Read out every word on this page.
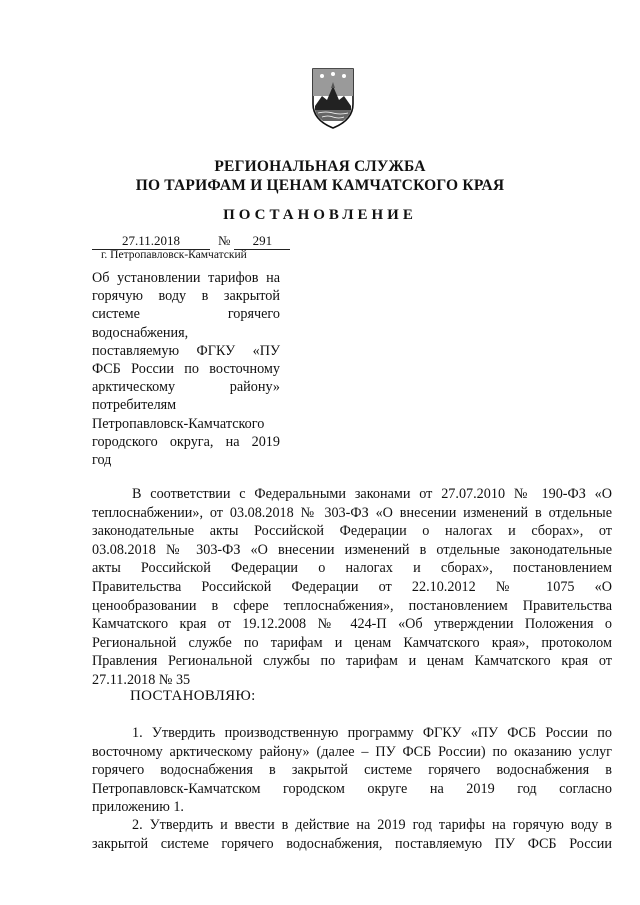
РЕГИОНАЛЬНАЯ СЛУЖБА
ПО ТАРИФАМ И ЦЕНАМ КАМЧАТСКОГО КРАЯ
ПОСТАНОВЛЕНИЕ
27.11.2018	№ 291
г. Петропавловск-Камчатский
Об установлении тарифов на
горячую воду в закрытой
системе горячего
водоснабжения,
поставляемую ФГКУ «ПУ
ФСБ России по восточному
арктическому району»
потребителям
Петропавловск-Камчатского
городского округа, на 2019
год
В соответствии с Федеральными законами от 27.07.2010 № 190-ФЗ «О
теплоснабжении», от 03.08.2018 № 303-ФЗ «О внесении изменений в отдельные
законодательные акты Российской Федерации о налогах и сборах», от
03.08.2018 № 303-ФЗ «О внесении изменений в отдельные законодательные
акты Российской Федерации о налогах и сборах», постановлением
Правительства Российской Федерации от 22.10.2012 № 1075 «О
ценообразовании в сфере теплоснабжения», постановлением Правительства
Камчатского края от 19.12.2008 № 424-П «Об утверждении Положения о
Региональной службе по тарифам и ценам Камчатского края», протоколом
Правления Региональной службы по тарифам и ценам Камчатского края от
27.11.2018 № 35
ПОСТАНОВЛЯЮ:
1. Утвердить производственную программу ФГКУ «ПУ ФСБ России по
восточному арктическому району» (далее – ПУ ФСБ России) по оказанию услуг
горячего водоснабжения в закрытой системе горячего водоснабжения в
Петропавловск-Камчатском городском округе на 2019 год согласно
приложению 1.
2. Утвердить и ввести в действие на 2019 год тарифы на горячую воду в
закрытой системе горячего водоснабжения, поставляемую ПУ ФСБ России
